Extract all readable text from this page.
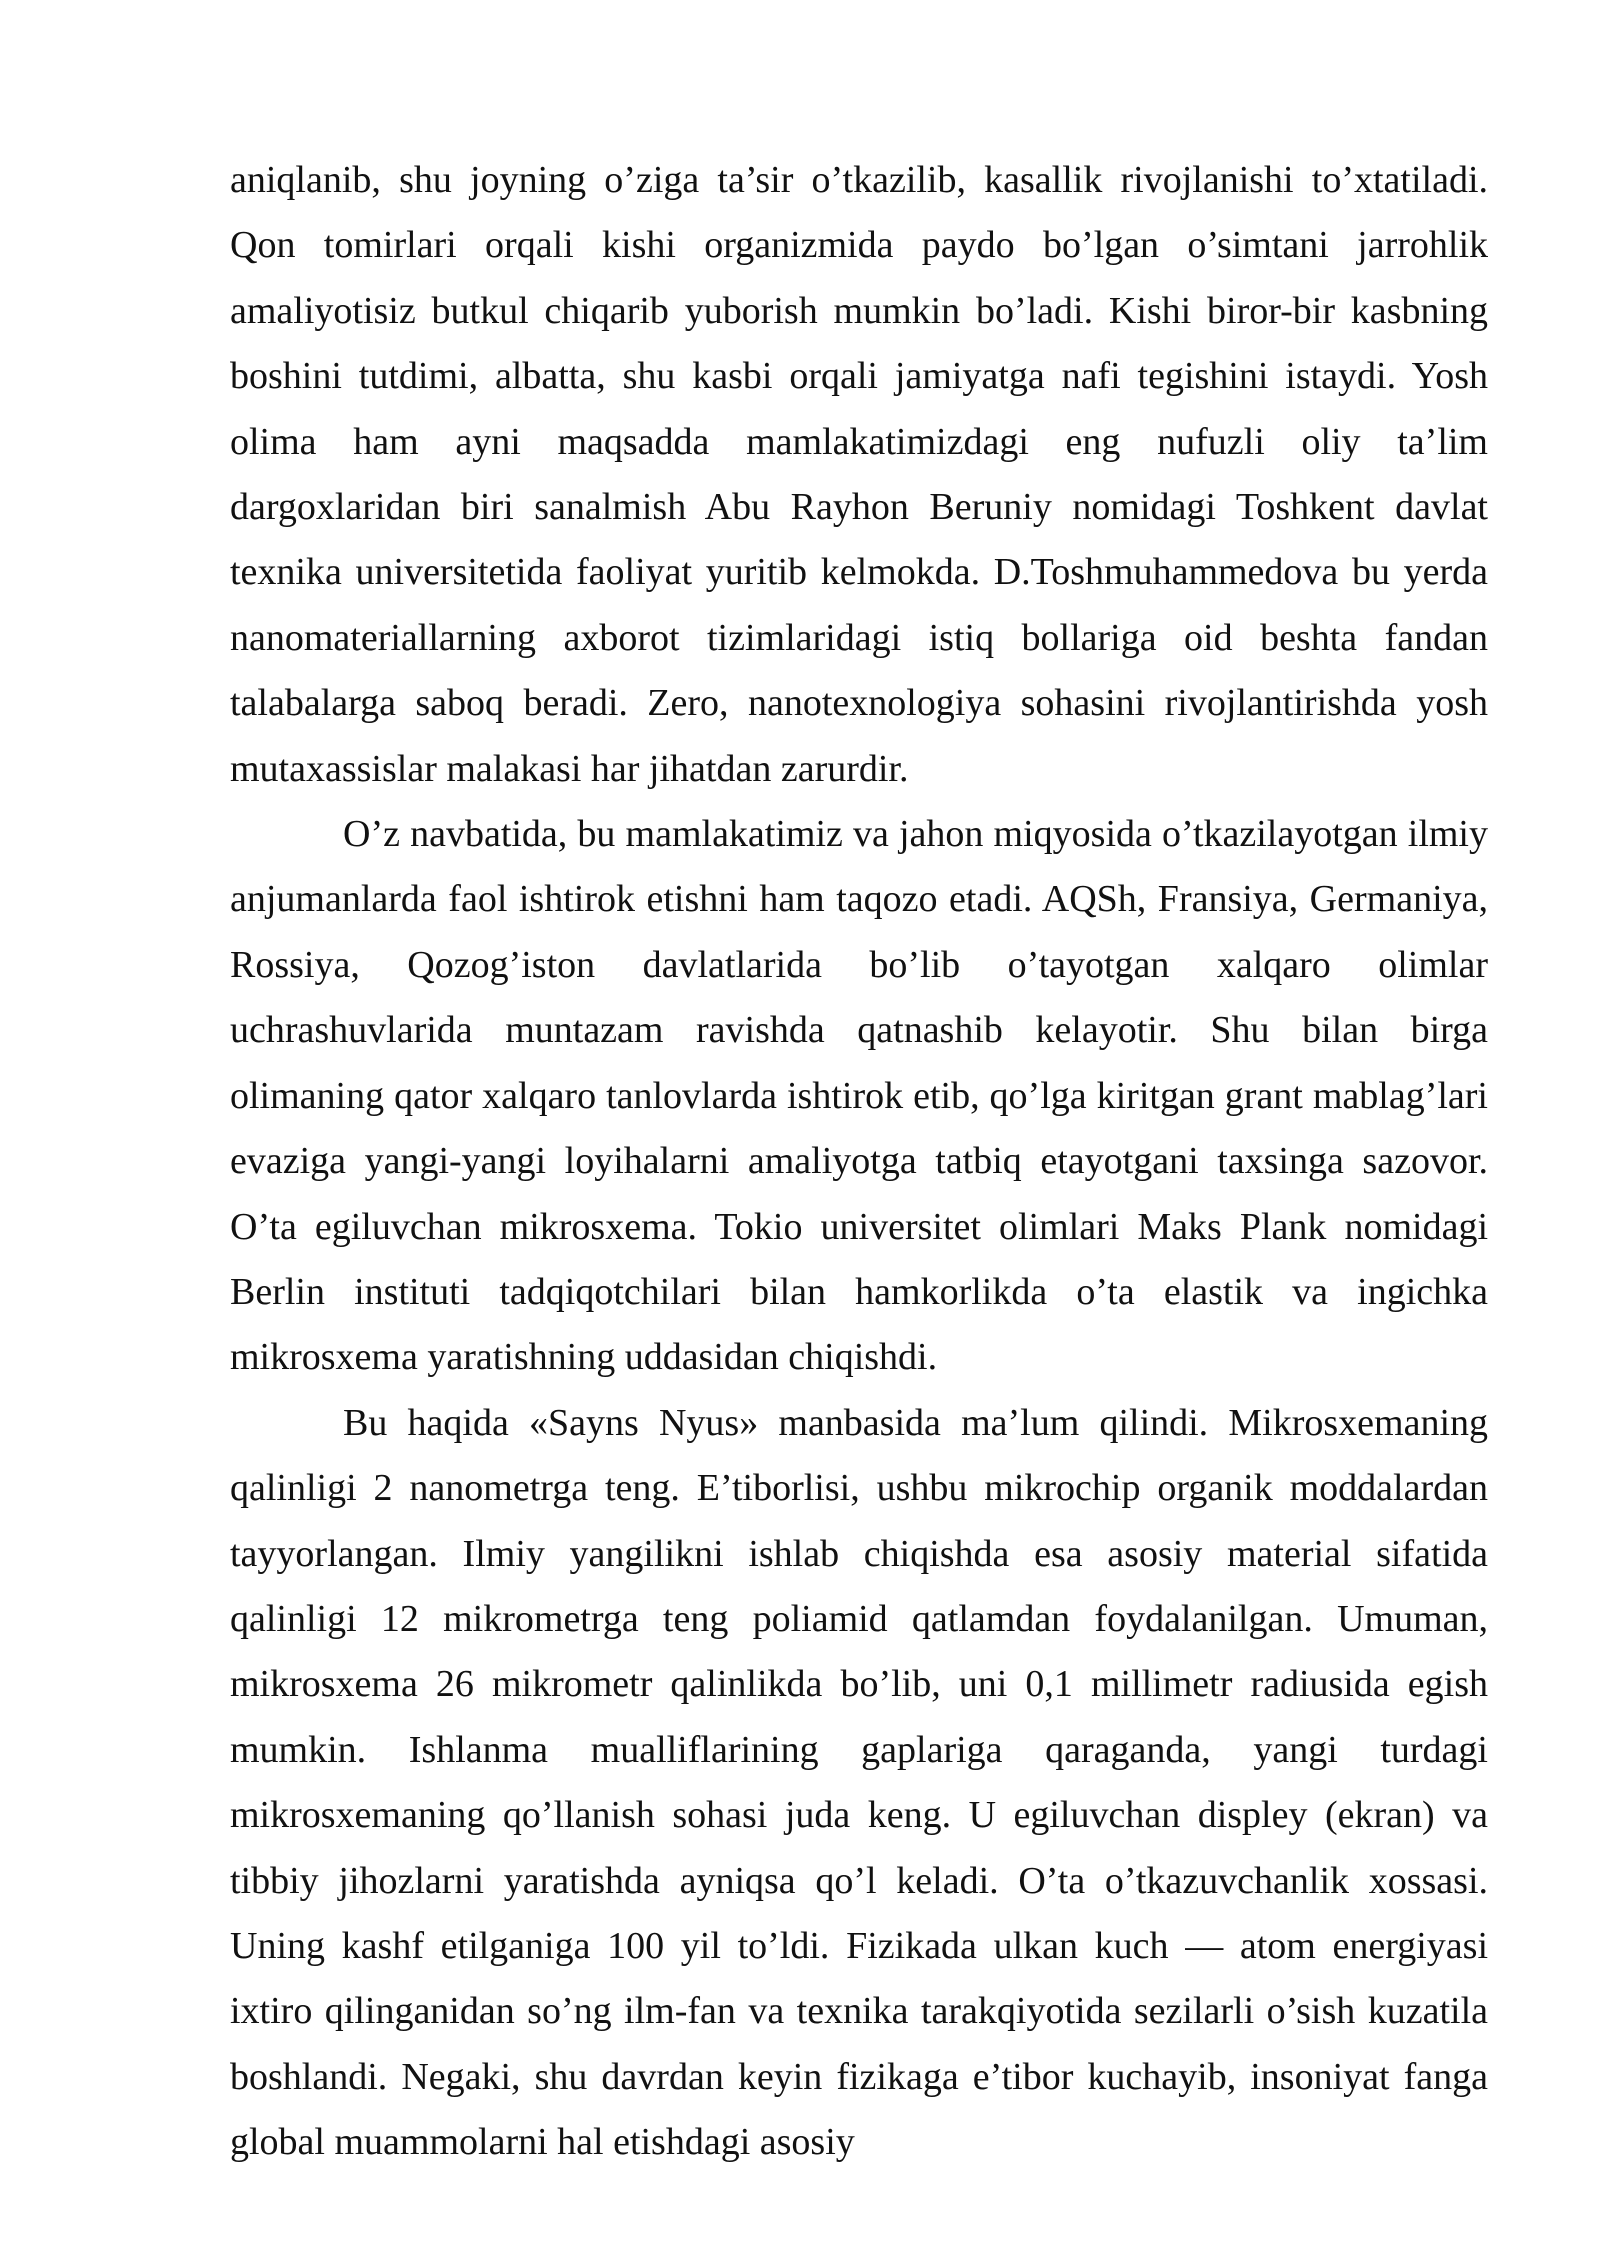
aniqlanib, shu joyning o’ziga ta’sir o’tkazilib, kasallik rivojlanishi to’xtatiladi. Qon tomirlari orqali kishi organizmida paydo bo’lgan o’simtani jarrohlik amaliyotisiz butkul chiqarib yuborish mumkin bo’ladi. Kishi biror-bir kasbning boshini tutdimi, albatta, shu kasbi orqali jamiyatga nafi tegishini istaydi. Yosh olima ham ayni maqsadda mamlakatimizdagi eng nufuzli oliy ta’lim dargoxlaridan biri sanalmish Abu Rayhon Beruniy nomidagi Toshkent davlat texnika universitetida faoliyat yuritib kelmokda. D.Toshmuhammedova bu yerda nanomateriallarning axborot tizimlaridagi istiq bollariga oid beshta fandan talabalarga saboq beradi. Zero, nanotexnologiya sohasini rivojlantirishda yosh mutaxassislar malakasi har jihatdan zarurdir.

O’z navbatida, bu mamlakatimiz va jahon miqyosida o’tkazilayotgan ilmiy anjumanlarda faol ishtirok etishni ham taqozo etadi. AQSh, Fransiya, Germaniya, Rossiya, Qozog’iston davlatlarida bo’lib o’tayotgan xalqaro olimlar uchrashuvlarida muntazam ravishda qatnashib kelayotir. Shu bilan birga olimaning qator xalqaro tanlovlarda ishtirok etib, qo’lga kiritgan grant mablag’lari evaziga yangi-yangi loyihalarni amaliyotga tatbiq etayotgani taxsinga sazovor. O’ta egiluvchan mikrosxema. Tokio universitet olimlari Maks Plank nomidagi Berlin instituti tadqiqotchilari bilan hamkorlikda o’ta elastik va ingichka mikrosxema yaratishning uddasidan chiqishdi.

Bu haqida «Sayns Nyus» manbasida ma’lum qilindi. Mikrosxemaning qalinligi 2 nanometrga teng. E’tiborlisi, ushbu mikrochip organik moddalardan tayyorlangan. Ilmiy yangilikni ishlab chiqishda esa asosiy material sifatida qalinligi 12 mikrometrga teng poliamid qatlamdan foydalanilgan. Umuman, mikrosxema 26 mikrometr qalinlikda bo’lib, uni 0,1 millimetr radiusida egish mumkin. Ishlanma mualliflarining gaplariga qaraganda, yangi turdagi mikrosxemaning qo’llanish sohasi juda keng. U egiluvchan displey (ekran) va tibbiy jihozlarni yaratishda ayniqsa qo’l keladi. O’ta o’tkazuvchanlik xossasi. Uning kashf etilganiga 100 yil to’ldi. Fizikada ulkan kuch — atom energiyasi ixtiro qilinganidan so’ng ilm-fan va texnika tarakqiyotida sezilarli o’sish kuzatila boshlandi. Negaki, shu davrdan keyin fizikaga e’tibor kuchayib, insoniyat fanga global muammolarni hal etishdagi asosiy
